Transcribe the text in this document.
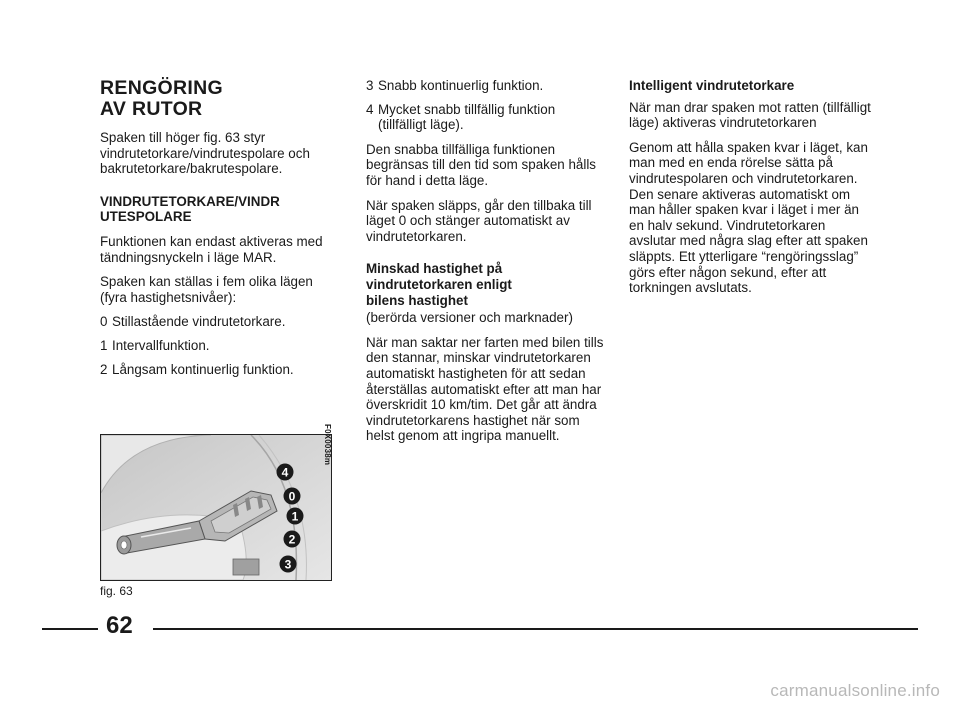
RENGÖRING
AV RUTOR

Spaken till höger fig. 63 styr vindrutetorkare/vindrutespolare och bakrutetorkare/bakrutespolare.

VINDRUTETORKARE/VINDR
UTESPOLARE

Funktionen kan endast aktiveras med tändningsnyckeln i läge MAR.

Spaken kan ställas i fem olika lägen (fyra hastighetsnivåer):

0 Stillastående vindrutetorkare.
1 Intervallfunktion.
2 Långsam kontinuerlig funktion.
3 Snabb kontinuerlig funktion.
4 Mycket snabb tillfällig funktion (tillfälligt läge).

Den snabba tillfälliga funktionen begränsas till den tid som spaken hålls för hand i detta läge.

När spaken släpps, går den tillbaka till läget 0 och stänger automatiskt av vindrutetorkaren.

Minskad hastighet på
vindrutetorkaren enligt
bilens hastighet

(berörda versioner och marknader)

När man saktar ner farten med bilen tills den stannar, minskar vindrutetorkaren automatiskt hastigheten för att sedan återställas automatiskt efter att man har överskridit 10 km/tim. Det går att ändra vindrutetorkarens hastighet när som helst genom att ingripa manuellt.

Intelligent vindrutetorkare

När man drar spaken mot ratten (tillfälligt läge) aktiveras vindrutetorkaren

Genom att hålla spaken kvar i läget, kan man med en enda rörelse sätta på vindrutespolaren och vindrutetorkaren. Den senare aktiveras automatiskt om man håller spaken kvar i läget i mer än en halv sekund. Vindrutetorkaren avslutar med några slag efter att spaken släppts. Ett ytterligare “rengöringsslag” görs efter någon sekund, efter att torkningen avslutats.

4
0
1
2
3
F0X0038m
fig. 63
62
carmanualsonline.info
